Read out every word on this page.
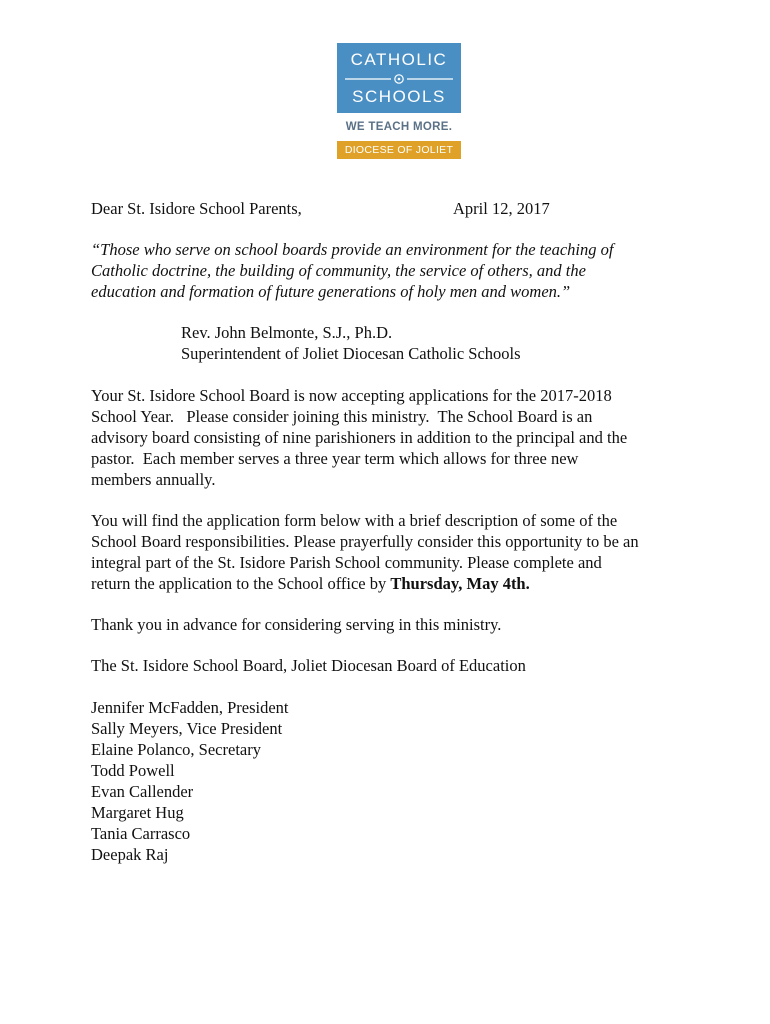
CATHOLIC
SCHOOLS
WE TEACH MORE.
DIOCESE OF JOLIET

Dear St. Isidore School Parents,	April 12, 2017

“Those who serve on school boards provide an environment for the teaching of
Catholic doctrine, the building of community, the service of others, and the
education and formation of future generations of holy men and women.”
Rev. John Belmonte, S.J., Ph.D.
Superintendent of Joliet Diocesan Catholic Schools
Your St. Isidore School Board is now accepting applications for the 2017-2018
School Year.   Please consider joining this ministry.  The School Board is an
advisory board consisting of nine parishioners in addition to the principal and the
pastor.  Each member serves a three year term which allows for three new
members annually.
You will find the application form below with a brief description of some of the
School Board responsibilities. Please prayerfully consider this opportunity to be an
integral part of the St. Isidore Parish School community. Please complete and
return the application to the School office by Thursday, May 4th.

Thank you in advance for considering serving in this ministry.

The St. Isidore School Board, Joliet Diocesan Board of Education

Jennifer McFadden, President
Sally Meyers, Vice President
Elaine Polanco, Secretary
Todd Powell
Evan Callender
Margaret Hug
Tania Carrasco
Deepak Raj
